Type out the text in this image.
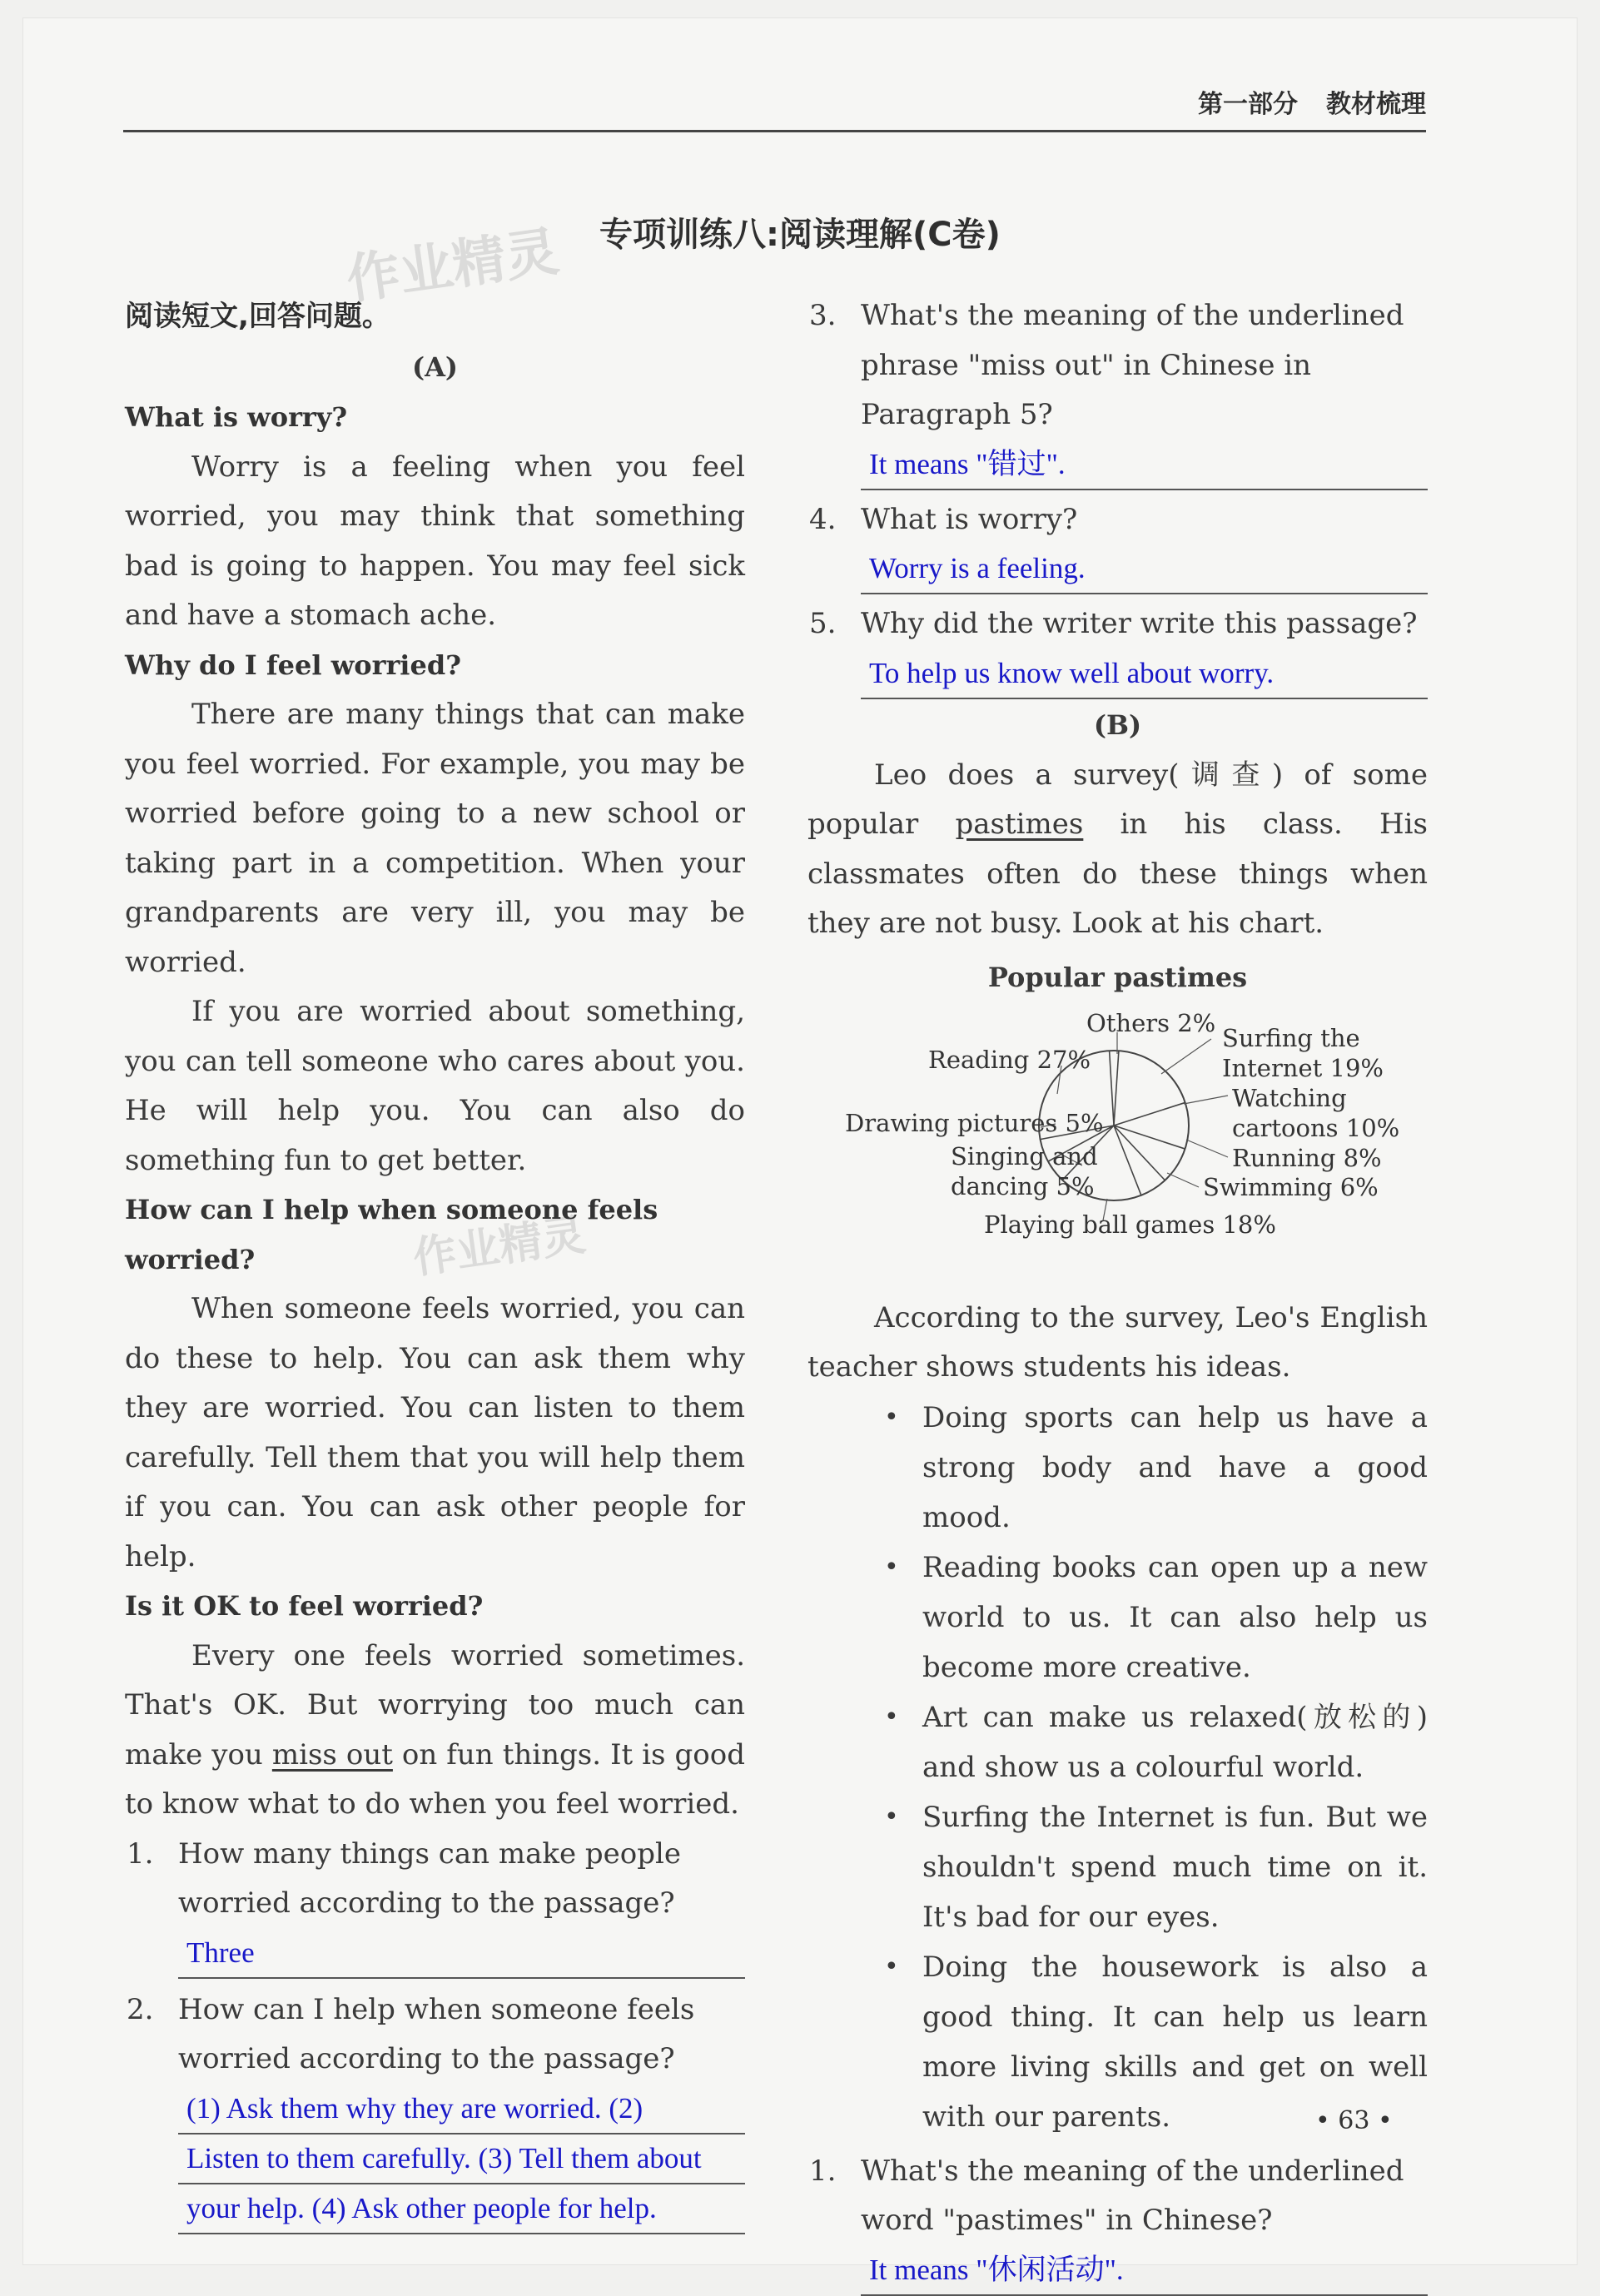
第一部分 教材梳理
作业精灵
作业精灵
专项训练八:阅读理解(C卷)
阅读短文,回答问题。
(A)
What is worry?

Worry is a feeling when you feel worried, you may think that something bad is going to happen. You may feel sick and have a stomach ache.

Why do I feel worried?

There are many things that can make you feel worried. For example, you may be worried before going to a new school or taking part in a competition. When your grandparents are very ill, you may be worried.

If you are worried about something, you can tell someone who cares about you. He will help you. You can also do something fun to get better.

How can I help when someone feels worried?

When someone feels worried, you can do these to help. You can ask them why they are worried. You can listen to them carefully. Tell them that you will help them if you can. You can ask other people for help.

Is it OK to feel worried?

Every one feels worried sometimes. That's OK. But worrying too much can make you miss out on fun things. It is good to know what to do when you feel worried.

1. How many things can make people worried according to the passage?
Three
2. How can I help when someone feels worried according to the passage?
(1) Ask them why they are worried. (2)
Listen to them carefully. (3) Tell them about
your help. (4) Ask other people for help.
3. What's the meaning of the underlined phrase "miss out" in Chinese in Paragraph 5?
It means "错过".
4. What is worry?
Worry is a feeling.
5. Why did the writer write this passage?
To help us know well about worry.
(B)

Leo does a survey(调查) of some popular pastimes in his class. His classmates often do these things when they are not busy. Look at his chart.

Popular pastimes
Others 2%
Surfing the
Internet 19%
Watching
cartoons 10%
Running 8%
Swimming 6%
Playing ball games 18%
Singing and
dancing 5%
Drawing pictures 5%
Reading 27%

According to the survey, Leo's English teacher shows students his ideas.

• Doing sports can help us have a strong body and have a good mood.
• Reading books can open up a new world to us. It can also help us become more creative.
• Art can make us relaxed(放松的) and show us a colourful world.
• Surfing the Internet is fun. But we shouldn't spend much time on it. It's bad for our eyes.
• Doing the housework is also a good thing. It can help us learn more living skills and get on well with our parents.
1. What's the meaning of the underlined word "pastimes" in Chinese?
It means "休闲活动".
• 63 •
